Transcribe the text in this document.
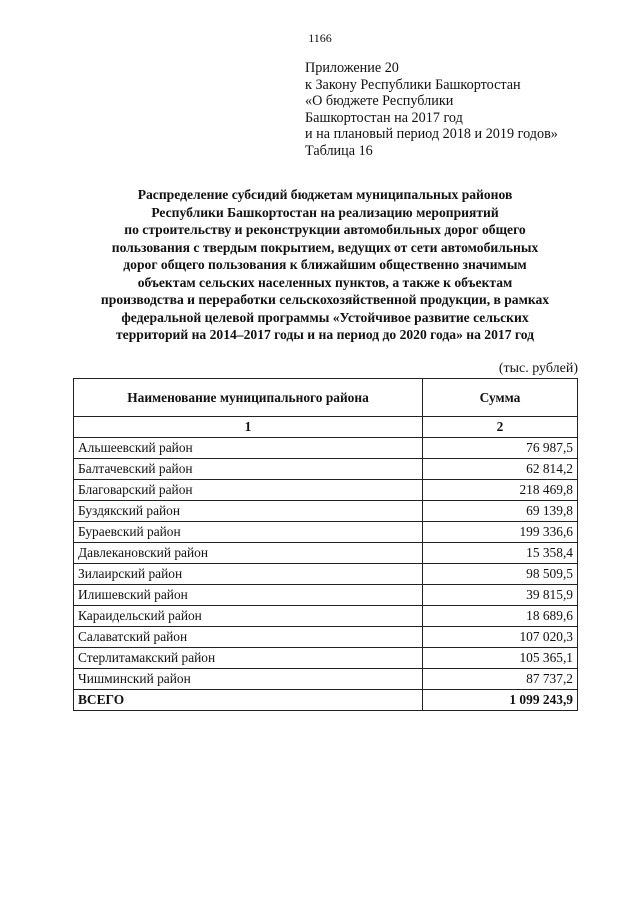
1166
Приложение 20
к Закону Республики Башкортостан
«О бюджете Республики
Башкортостан на 2017 год
и на плановый период 2018 и 2019 годов»
Таблица 16
Распределение субсидий бюджетам муниципальных районов
Республики Башкортостан на реализацию мероприятий
по строительству и реконструкции автомобильных дорог общего
пользования с твердым покрытием, ведущих от сети автомобильных
дорог общего пользования к ближайшим общественно значимым
объектам сельских населенных пунктов, а также к объектам
производства и переработки сельскохозяйственной продукции, в рамках
федеральной целевой программы «Устойчивое развитие сельских
территорий на 2014–2017 годы и на период до 2020 года» на 2017 год
(тыс. рублей)
Наименование муниципального района	Сумма
1	2
Альшеевский район	76 987,5
Балтачевский район	62 814,2
Благоварский район	218 469,8
Буздякский район	69 139,8
Бураевский район	199 336,6
Давлекановский район	15 358,4
Зилаирский район	98 509,5
Илишевский район	39 815,9
Караидельский район	18 689,6
Салаватский район	107 020,3
Стерлитамакский район	105 365,1
Чишминский район	87 737,2
ВСЕГО	1 099 243,9
